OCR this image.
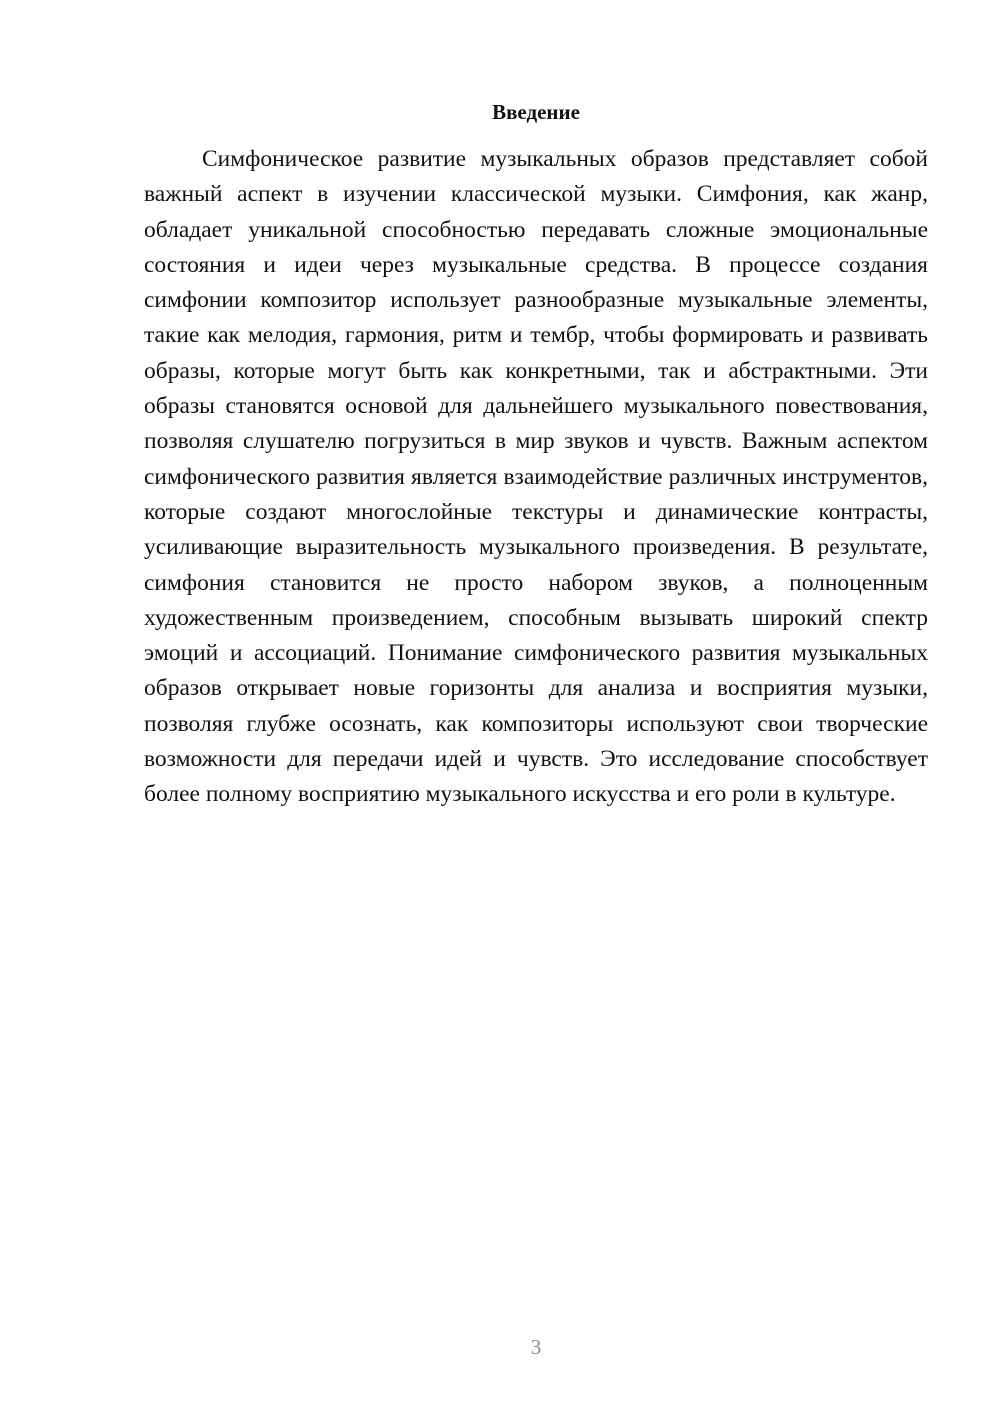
Введение

Симфоническое развитие музыкальных образов представляет собой важный аспект в изучении классической музыки. Симфония, как жанр, обладает уникальной способностью передавать сложные эмоциональные состояния и идеи через музыкальные средства. В процессе создания симфонии композитор использует разнообразные музыкальные элементы, такие как мелодия, гармония, ритм и тембр, чтобы формировать и развивать образы, которые могут быть как конкретными, так и абстрактными. Эти образы становятся основой для дальнейшего музыкального повествования, позволяя слушателю погрузиться в мир звуков и чувств. Важным аспектом симфонического развития является взаимодействие различных инструментов, которые создают многослойные текстуры и динамические контрасты, усиливающие выразительность музыкального произведения. В результате, симфония становится не просто набором звуков, а полноценным художественным произведением, способным вызывать широкий спектр эмоций и ассоциаций. Понимание симфонического развития музыкальных образов открывает новые горизонты для анализа и восприятия музыки, позволяя глубже осознать, как композиторы используют свои творческие возможности для передачи идей и чувств. Это исследование способствует более полному восприятию музыкального искусства и его роли в культуре.

3
